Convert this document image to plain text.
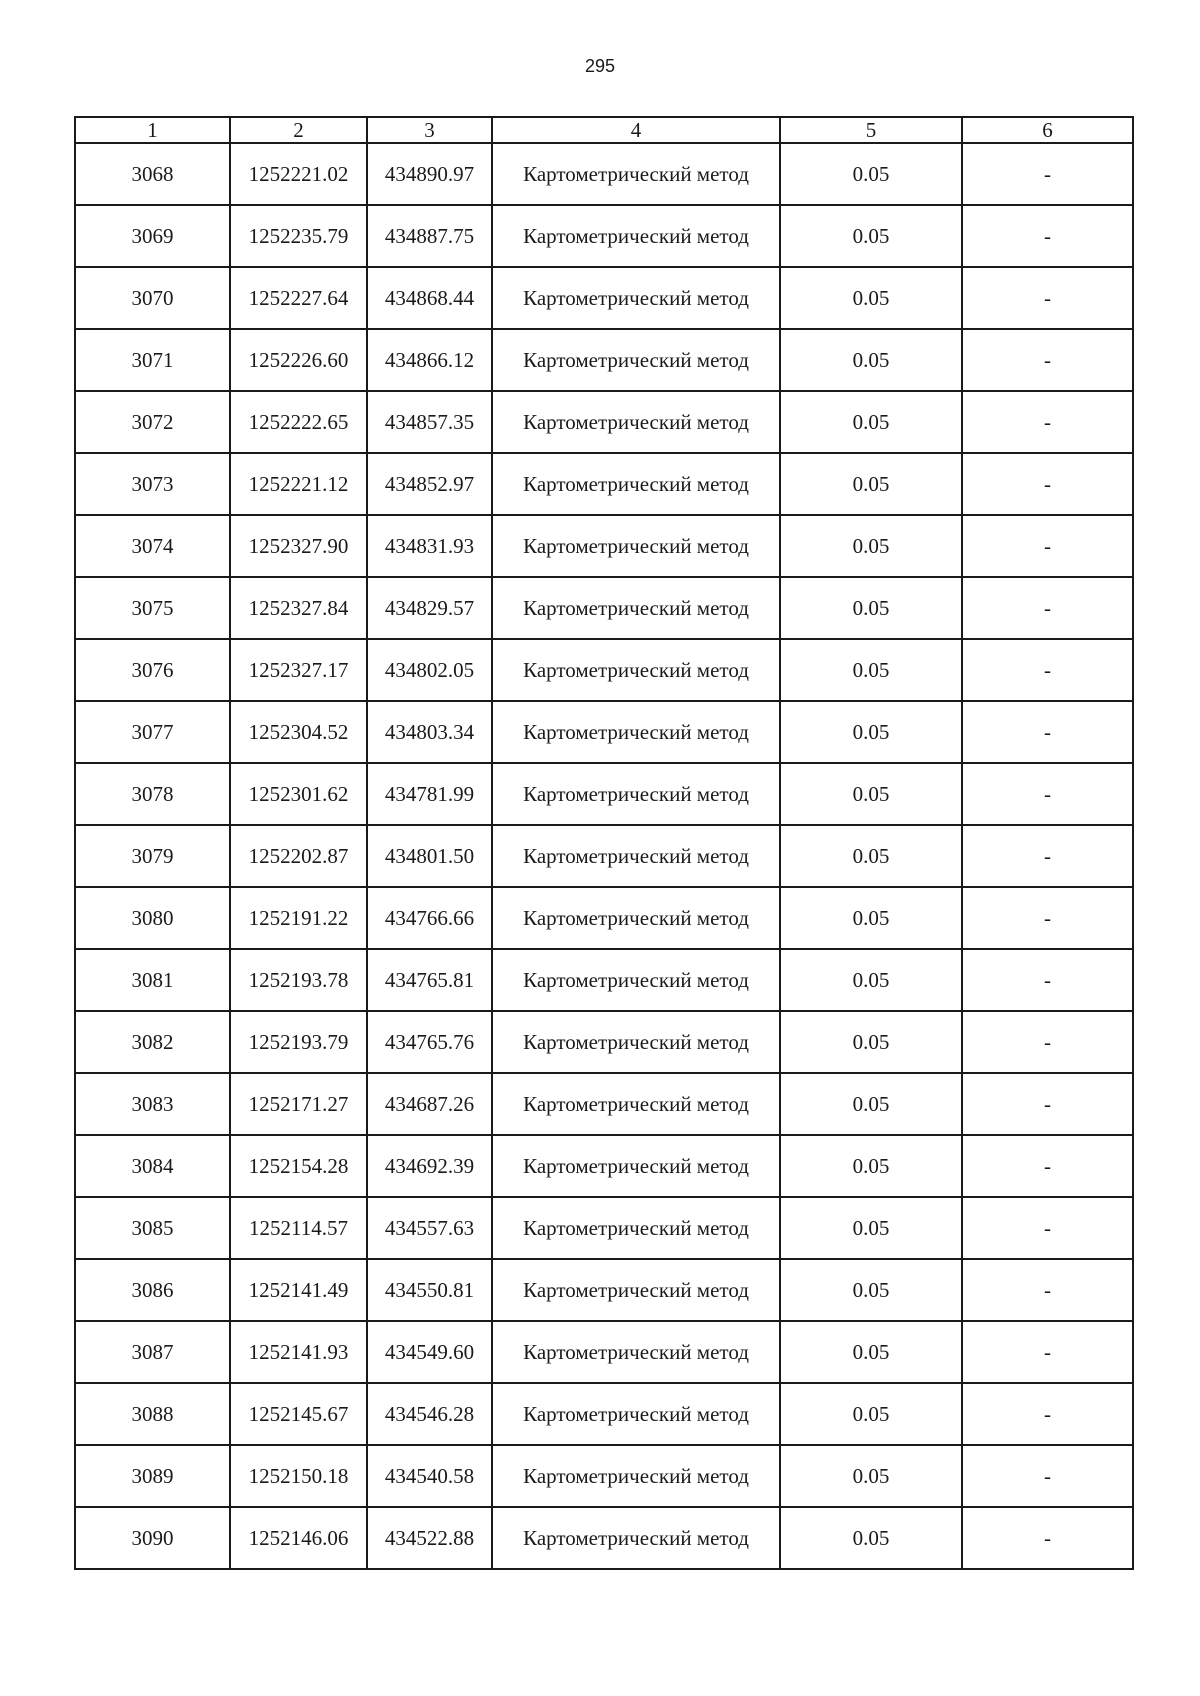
295
1	2	3	4	5	6
3068	1252221.02	434890.97	Картометрический метод	0.05	-
3069	1252235.79	434887.75	Картометрический метод	0.05	-
3070	1252227.64	434868.44	Картометрический метод	0.05	-
3071	1252226.60	434866.12	Картометрический метод	0.05	-
3072	1252222.65	434857.35	Картометрический метод	0.05	-
3073	1252221.12	434852.97	Картометрический метод	0.05	-
3074	1252327.90	434831.93	Картометрический метод	0.05	-
3075	1252327.84	434829.57	Картометрический метод	0.05	-
3076	1252327.17	434802.05	Картометрический метод	0.05	-
3077	1252304.52	434803.34	Картометрический метод	0.05	-
3078	1252301.62	434781.99	Картометрический метод	0.05	-
3079	1252202.87	434801.50	Картометрический метод	0.05	-
3080	1252191.22	434766.66	Картометрический метод	0.05	-
3081	1252193.78	434765.81	Картометрический метод	0.05	-
3082	1252193.79	434765.76	Картометрический метод	0.05	-
3083	1252171.27	434687.26	Картометрический метод	0.05	-
3084	1252154.28	434692.39	Картометрический метод	0.05	-
3085	1252114.57	434557.63	Картометрический метод	0.05	-
3086	1252141.49	434550.81	Картометрический метод	0.05	-
3087	1252141.93	434549.60	Картометрический метод	0.05	-
3088	1252145.67	434546.28	Картометрический метод	0.05	-
3089	1252150.18	434540.58	Картометрический метод	0.05	-
3090	1252146.06	434522.88	Картометрический метод	0.05	-
